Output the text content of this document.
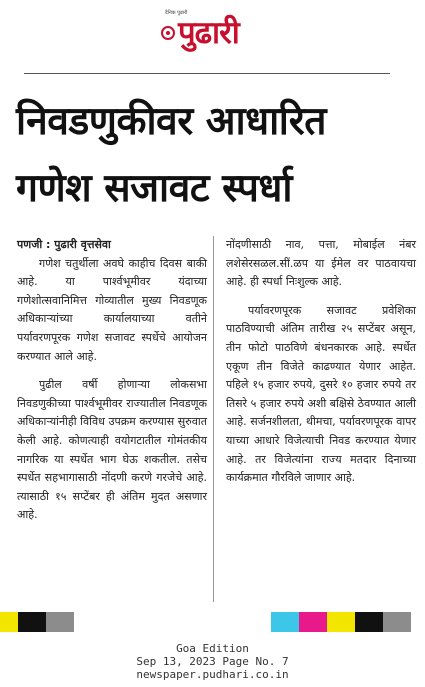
दैनिक पुढारी
पुढारी
निवडणुकीवर आधारित
गणेश सजावट स्पर्धा
पणजी : पुढारी वृत्तसेवा

गणेश चतुर्थीला अवघे काहीच दिवस बाकी आहे. या पार्श्वभूमीवर यंदाच्या गणेशोत्सवानिमित्त गोव्यातील मुख्य निवडणूक अधिकाऱ्यांच्या कार्यालयाच्या वतीने पर्यावरणपूरक गणेश सजावट स्पर्धेचे आयोजन करण्यात आले आहे.

पुढील वर्षी होणाऱ्या लोकसभा निवडणुकीच्या पार्श्वभूमीवर राज्यातील निवडणूक अधिकाऱ्यांनीही विविध उपक्रम करण्यास सुरुवात केली आहे. कोणत्याही वयोगटातील गोमंतकीय नागरिक या स्पर्धेत भाग घेऊ शकतील. तसेच स्पर्धेत सहभागासाठी नोंदणी करणे गरजेचे आहे. त्यासाठी १५ सप्टेंबर ही अंतिम मुदत असणार आहे.

नोंदणीसाठी नाव, पत्ता, मोबाईल नंबर लशेसेरसळल.सीं.ळप या ईमेल वर पाठवायचा आहे. ही स्पर्धा निःशुल्क आहे.

पर्यावरणपूरक सजावट प्रवेशिका पाठविण्याची अंतिम तारीख २५ सप्टेंबर असून, तीन फोटो पाठविणे बंधनकारक आहे. स्पर्धेत एकूण तीन विजेते काढण्यात येणार आहेत. पहिले १५ हजार रुपये, दुसरे १० हजार रुपये तर तिसरे ५ हजार रुपये अशी बक्षिसे ठेवण्यात आली आहे. सर्जनशीलता, थीमचा, पर्यावरणपूरक वापर याच्या आधारे विजेत्याची निवड करण्यात येणार आहे. तर विजेत्यांना राज्य मतदार दिनाच्या कार्यक्रमात गौरविले जाणार आहे.

Goa Edition
Sep 13, 2023 Page No. 7
newspaper.pudhari.co.in
